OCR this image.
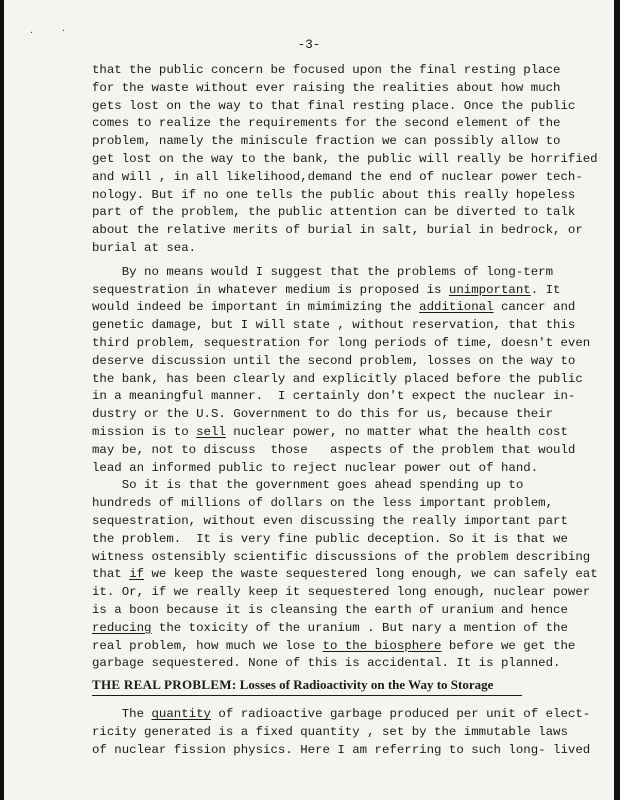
·	·
-3-
that the public concern be focused upon the final resting place
for the waste without ever raising the realities about how much
gets lost on the way to that final resting place. Once the public
comes to realize the requirements for the second element of the
problem, namely the miniscule fraction we can possibly allow to
get lost on the way to the bank, the public will really be horrified
and will , in all likelihood,demand the end of nuclear power tech-
nology. But if no one tells the public about this really hopeless
part of the problem, the public attention can be diverted to talk
about the relative merits of burial in salt, burial in bedrock, or
burial at sea.
By no means would I suggest that the problems of long-term
sequestration in whatever medium is proposed is unimportant. It
would indeed be important in mimimizing the additional cancer and
genetic damage, but I will state , without reservation, that this
third problem, sequestration for long periods of time, doesn't even
deserve discussion until the second problem, losses on the way to
the bank, has been clearly and explicitly placed before the public
in a meaningful manner.  I certainly don't expect the nuclear in-
dustry or the U.S. Government to do this for us, because their
mission is to sell nuclear power, no matter what the health cost
may be, not to discuss  those   aspects of the problem that would
lead an informed public to reject nuclear power out of hand.
So it is that the government goes ahead spending up to
hundreds of millions of dollars on the less important problem,
sequestration, without even discussing the really important part
the problem.  It is very fine public deception. So it is that we
witness ostensibly scientific discussions of the problem describing
that if we keep the waste sequestered long enough, we can safely eat
it. Or, if we really keep it sequestered long enough, nuclear power
is a boon because it is cleansing the earth of uranium and hence
reducing the toxicity of the uranium . But nary a mention of the
real problem, how much we lose to the biosphere before we get the
garbage sequestered. None of this is accidental. It is planned.
THE REAL PROBLEM: Losses of Radioactivity on the Way to Storage
The quantity of radioactive garbage produced per unit of elect-
ricity generated is a fixed quantity , set by the immutable laws
of nuclear fission physics. Here I am referring to such long- lived
